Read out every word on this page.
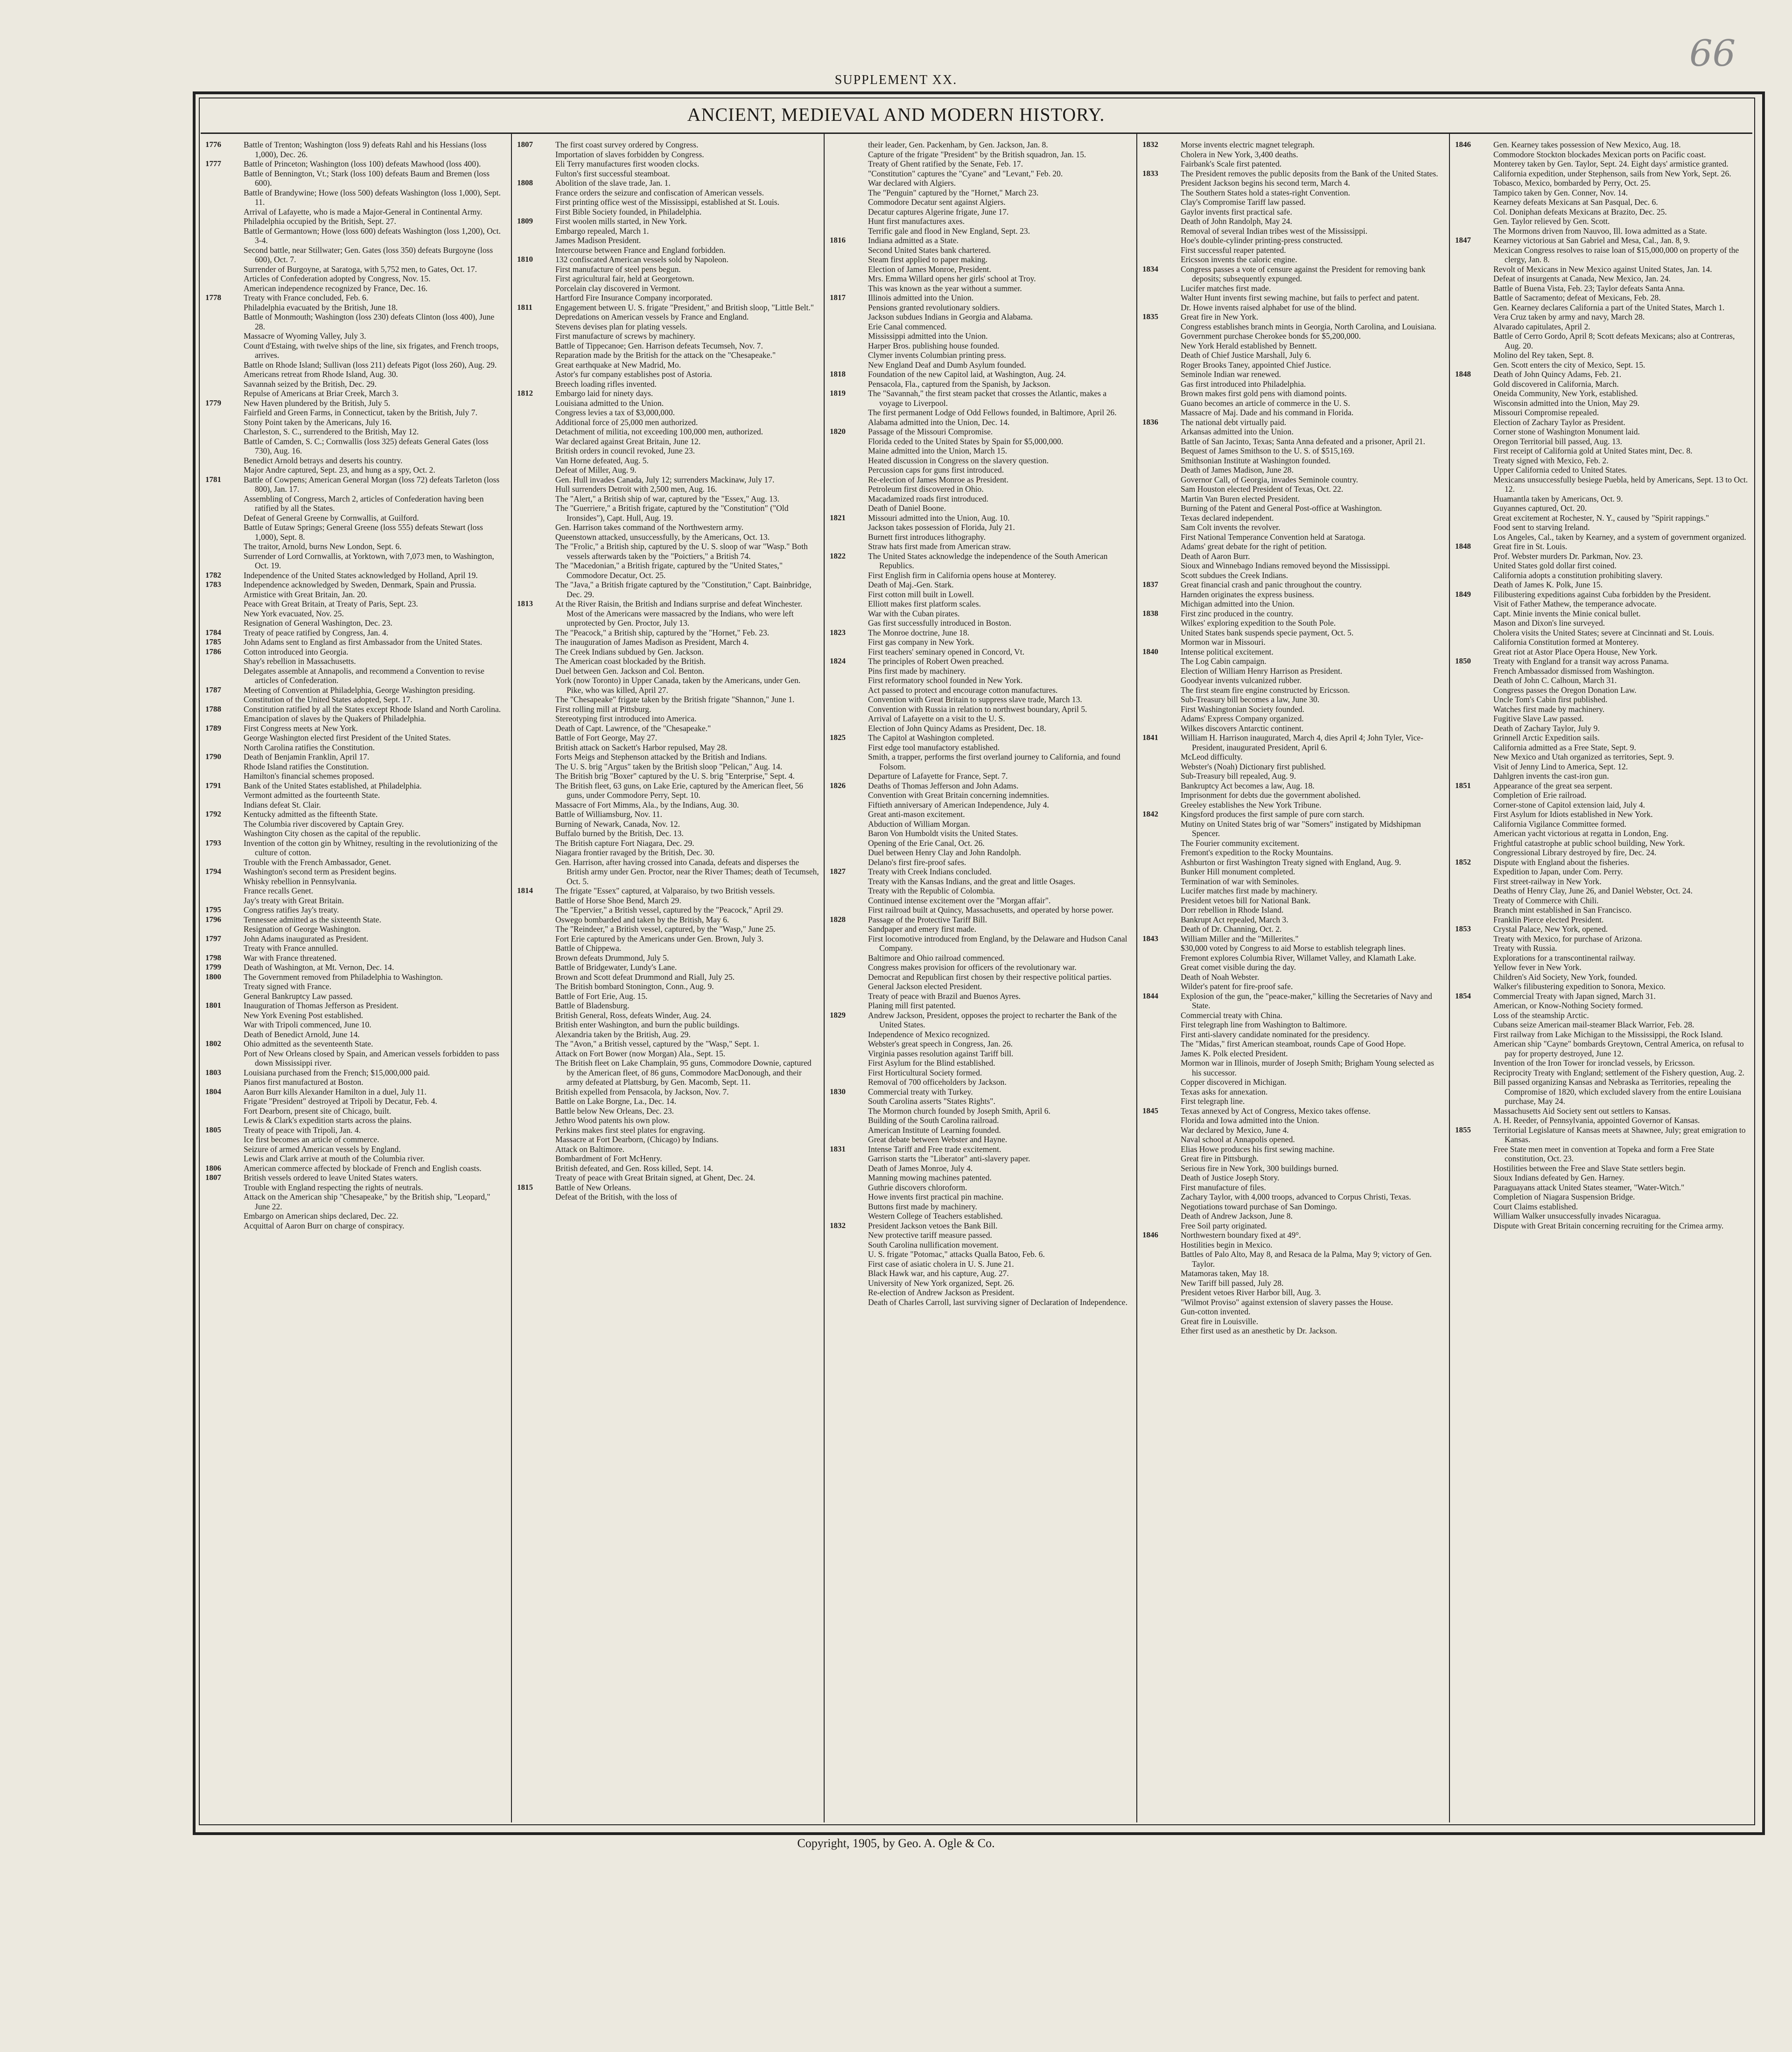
66
SUPPLEMENT XX.
ANCIENT, MEDIEVAL AND MODERN HISTORY.
1776	Battle of Trenton; Washington (loss 9) defeats Rahl and his Hessians (loss 1,000), Dec. 26.

1777	Battle of Princeton; Washington (loss 100) defeats Mawhood (loss 400).

Battle of Bennington, Vt.; Stark (loss 100) defeats Baum and Bremen (loss 600).

Battle of Brandywine; Howe (loss 500) defeats Washington (loss 1,000), Sept. 11.

Arrival of Lafayette, who is made a Major-General in Continental Army.

Philadelphia occupied by the British, Sept. 27.

Battle of Germantown; Howe (loss 600) defeats Washington (loss 1,200), Oct. 3-4.

Second battle, near Stillwater; Gen. Gates (loss 350) defeats Burgoyne (loss 600), Oct. 7.

Surrender of Burgoyne, at Saratoga, with 5,752 men, to Gates, Oct. 17.

Articles of Confederation adopted by Congress, Nov. 15.

American independence recognized by France, Dec. 16.

1778	Treaty with France concluded, Feb. 6.

Philadelphia evacuated by the British, June 18.

Battle of Monmouth; Washington (loss 230) defeats Clinton (loss 400), June 28.

Massacre of Wyoming Valley, July 3.

Count d'Estaing, with twelve ships of the line, six frigates, and French troops, arrives.

Battle on Rhode Island; Sullivan (loss 211) defeats Pigot (loss 260), Aug. 29.

Americans retreat from Rhode Island, Aug. 30.

Savannah seized by the British, Dec. 29.

Repulse of Americans at Briar Creek, March 3.

1779	New Haven plundered by the British, July 5.

Fairfield and Green Farms, in Connecticut, taken by the British, July 7.

Stony Point taken by the Americans, July 16.

Charleston, S. C., surrendered to the British, May 12.

Battle of Camden, S. C.; Cornwallis (loss 325) defeats General Gates (loss 730), Aug. 16.

Benedict Arnold betrays and deserts his country.

Major Andre captured, Sept. 23, and hung as a spy, Oct. 2.

1781	Battle of Cowpens; American General Morgan (loss 72) defeats Tarleton (loss 800), Jan. 17.

Assembling of Congress, March 2, articles of Confederation having been ratified by all the States.

Defeat of General Greene by Cornwallis, at Guilford.

Battle of Eutaw Springs; General Greene (loss 555) defeats Stewart (loss 1,000), Sept. 8.

The traitor, Arnold, burns New London, Sept. 6.

Surrender of Lord Cornwallis, at Yorktown, with 7,073 men, to Washington, Oct. 19.

1782	Independence of the United States acknowledged by Holland, April 19.

1783	Independence acknowledged by Sweden, Denmark, Spain and Prussia.

Armistice with Great Britain, Jan. 20.

Peace with Great Britain, at Treaty of Paris, Sept. 23.

New York evacuated, Nov. 25.

Resignation of General Washington, Dec. 23.

1784	Treaty of peace ratified by Congress, Jan. 4.

1785	John Adams sent to England as first Ambassador from the United States.

1786	Cotton introduced into Georgia.

Shay's rebellion in Massachusetts.

Delegates assemble at Annapolis, and recommend a Convention to revise articles of Confederation.

1787	Meeting of Convention at Philadelphia, George Washington presiding.

Constitution of the United States adopted, Sept. 17.

1788	Constitution ratified by all the States except Rhode Island and North Carolina.

Emancipation of slaves by the Quakers of Philadelphia.

1789	First Congress meets at New York.

George Washington elected first President of the United States.

North Carolina ratifies the Constitution.

1790	Death of Benjamin Franklin, April 17.

Rhode Island ratifies the Constitution.

Hamilton's financial schemes proposed.

1791	Bank of the United States established, at Philadelphia.

Vermont admitted as the fourteenth State.

Indians defeat St. Clair.

1792	Kentucky admitted as the fifteenth State.

The Columbia river discovered by Captain Grey.

Washington City chosen as the capital of the republic.

1793	Invention of the cotton gin by Whitney, resulting in the revolutionizing of the culture of cotton.

Trouble with the French Ambassador, Genet.

1794	Washington's second term as President begins.

Whisky rebellion in Pennsylvania.

France recalls Genet.

Jay's treaty with Great Britain.

1795	Congress ratifies Jay's treaty.

1796	Tennessee admitted as the sixteenth State.

Resignation of George Washington.

1797	John Adams inaugurated as President.

Treaty with France annulled.

1798	War with France threatened.

1799	Death of Washington, at Mt. Vernon, Dec. 14.

1800	The Government removed from Philadelphia to Washington.

Treaty signed with France.

General Bankruptcy Law passed.

1801	Inauguration of Thomas Jefferson as President.

New York Evening Post established.

War with Tripoli commenced, June 10.

Death of Benedict Arnold, June 14.

1802	Ohio admitted as the seventeenth State.

Port of New Orleans closed by Spain, and American vessels forbidden to pass down Mississippi river.

1803	Louisiana purchased from the French; $15,000,000 paid.

Pianos first manufactured at Boston.

1804	Aaron Burr kills Alexander Hamilton in a duel, July 11.

Frigate "President" destroyed at Tripoli by Decatur, Feb. 4.

Fort Dearborn, present site of Chicago, built.

Lewis & Clark's expedition starts across the plains.

1805	Treaty of peace with Tripoli, Jan. 4.

Ice first becomes an article of commerce.

Seizure of armed American vessels by England.

Lewis and Clark arrive at mouth of the Columbia river.

1806	American commerce affected by blockade of French and English coasts.

1807	British vessels ordered to leave United States waters.

Trouble with England respecting the rights of neutrals.

Attack on the American ship "Chesapeake," by the British ship, "Leopard," June 22.

Embargo on American ships declared, Dec. 22.

Acquittal of Aaron Burr on charge of conspiracy.

1807	The first coast survey ordered by Congress.

Importation of slaves forbidden by Congress.

Eli Terry manufactures first wooden clocks.

Fulton's first successful steamboat.

1808	Abolition of the slave trade, Jan. 1.

France orders the seizure and confiscation of American vessels.

First printing office west of the Mississippi, established at St. Louis.

First Bible Society founded, in Philadelphia.

1809	First woolen mills started, in New York.

Embargo repealed, March 1.

James Madison President.

Intercourse between France and England forbidden.

1810	132 confiscated American vessels sold by Napoleon.

First manufacture of steel pens begun.

First agricultural fair, held at Georgetown.

Porcelain clay discovered in Vermont.

Hartford Fire Insurance Company incorporated.

1811	Engagement between U. S. frigate "President," and British sloop, "Little Belt."

Depredations on American vessels by France and England.

Stevens devises plan for plating vessels.

First manufacture of screws by machinery.

Battle of Tippecanoe; Gen. Harrison defeats Tecumseh, Nov. 7.

Reparation made by the British for the attack on the "Chesapeake."

Great earthquake at New Madrid, Mo.

Astor's fur company establishes post of Astoria.

Breech loading rifles invented.

1812	Embargo laid for ninety days.

Louisiana admitted to the Union.

Congress levies a tax of $3,000,000.

Additional force of 25,000 men authorized.

Detachment of militia, not exceeding 100,000 men, authorized.

War declared against Great Britain, June 12.

British orders in council revoked, June 23.

Van Horne defeated, Aug. 5.

Defeat of Miller, Aug. 9.

Gen. Hull invades Canada, July 12; surrenders Mackinaw, July 17.

Hull surrenders Detroit with 2,500 men, Aug. 16.

The "Alert," a British ship of war, captured by the "Essex," Aug. 13.

The "Guerriere," a British frigate, captured by the "Constitution" ("Old Ironsides"), Capt. Hull, Aug. 19.

Gen. Harrison takes command of the Northwestern army.

Queenstown attacked, unsuccessfully, by the Americans, Oct. 13.

The "Frolic," a British ship, captured by the U. S. sloop of war "Wasp." Both vessels afterwards taken by the "Poictiers," a British 74.

The "Macedonian," a British frigate, captured by the "United States," Commodore Decatur, Oct. 25.

The "Java," a British frigate captured by the "Constitution," Capt. Bainbridge, Dec. 29.

1813	At the River Raisin, the British and Indians surprise and defeat Winchester. Most of the Americans were massacred by the Indians, who were left unprotected by Gen. Proctor, July 13.

The "Peacock," a British ship, captured by the "Hornet," Feb. 23.

The inauguration of James Madison as President, March 4.

The Creek Indians subdued by Gen. Jackson.

The American coast blockaded by the British.

Duel between Gen. Jackson and Col. Benton.

York (now Toronto) in Upper Canada, taken by the Americans, under Gen. Pike, who was killed, April 27.

The "Chesapeake" frigate taken by the British frigate "Shannon," June 1.

First rolling mill at Pittsburg.

Stereotyping first introduced into America.

Death of Capt. Lawrence, of the "Chesapeake."

Battle of Fort George, May 27.

British attack on Sackett's Harbor repulsed, May 28.

Forts Meigs and Stephenson attacked by the British and Indians.

The U. S. brig "Argus" taken by the British sloop "Pelican," Aug. 14.

The British brig "Boxer" captured by the U. S. brig "Enterprise," Sept. 4.

The British fleet, 63 guns, on Lake Erie, captured by the American fleet, 56 guns, under Commodore Perry, Sept. 10.

Massacre of Fort Mimms, Ala., by the Indians, Aug. 30.

Battle of Williamsburg, Nov. 11.

Burning of Newark, Canada, Nov. 12.

Buffalo burned by the British, Dec. 13.

The British capture Fort Niagara, Dec. 29.

Niagara frontier ravaged by the British, Dec. 30.

Gen. Harrison, after having crossed into Canada, defeats and disperses the British army under Gen. Proctor, near the River Thames; death of Tecumseh, Oct. 5.

1814	The frigate "Essex" captured, at Valparaiso, by two British vessels.

Battle of Horse Shoe Bend, March 29.

The "Epervier," a British vessel, captured by the "Peacock," April 29.

Oswego bombarded and taken by the British, May 6.

The "Reindeer," a British vessel, captured, by the "Wasp," June 25.

Fort Erie captured by the Americans under Gen. Brown, July 3.

Battle of Chippewa.

Brown defeats Drummond, July 5.

Battle of Bridgewater, Lundy's Lane.

Brown and Scott defeat Drummond and Riall, July 25.

The British bombard Stonington, Conn., Aug. 9.

Battle of Fort Erie, Aug. 15.

Battle of Bladensburg.

British General, Ross, defeats Winder, Aug. 24.

British enter Washington, and burn the public buildings.

Alexandria taken by the British, Aug. 29.

The "Avon," a British vessel, captured by the "Wasp," Sept. 1.

Attack on Fort Bower (now Morgan) Ala., Sept. 15.

The British fleet on Lake Champlain, 95 guns, Commodore Downie, captured by the American fleet, of 86 guns, Commodore MacDonough, and their army defeated at Plattsburg, by Gen. Macomb, Sept. 11.

British expelled from Pensacola, by Jackson, Nov. 7.

Battle on Lake Borgne, La., Dec. 14.

Battle below New Orleans, Dec. 23.

Jethro Wood patents his own plow.

Perkins makes first steel plates for engraving.

Massacre at Fort Dearborn, (Chicago) by Indians.

Attack on Baltimore.

Bombardment of Fort McHenry.

British defeated, and Gen. Ross killed, Sept. 14.

Treaty of peace with Great Britain signed, at Ghent, Dec. 24.

1815	Battle of New Orleans.

Defeat of the British, with the loss of

their leader, Gen. Packenham, by Gen. Jackson, Jan. 8.

Capture of the frigate "President" by the British squadron, Jan. 15.

Treaty of Ghent ratified by the Senate, Feb. 17.

"Constitution" captures the "Cyane" and "Levant," Feb. 20.

War declared with Algiers.

The "Penguin" captured by the "Hornet," March 23.

Commodore Decatur sent against Algiers.

Decatur captures Algerine frigate, June 17.

Hunt first manufactures axes.

Terrific gale and flood in New England, Sept. 23.

1816	Indiana admitted as a State.

Second United States bank chartered.

Steam first applied to paper making.

Election of James Monroe, President.

Mrs. Emma Willard opens her girls' school at Troy.

This was known as the year without a summer.

1817	Illinois admitted into the Union.

Pensions granted revolutionary soldiers.

Jackson subdues Indians in Georgia and Alabama.

Erie Canal commenced.

Mississippi admitted into the Union.

Harper Bros. publishing house founded.

Clymer invents Columbian printing press.

New England Deaf and Dumb Asylum founded.

1818	Foundation of the new Capitol laid, at Washington, Aug. 24.

Pensacola, Fla., captured from the Spanish, by Jackson.

1819	The "Savannah," the first steam packet that crosses the Atlantic, makes a voyage to Liverpool.

The first permanent Lodge of Odd Fellows founded, in Baltimore, April 26.

Alabama admitted into the Union, Dec. 14.

1820	Passage of the Missouri Compromise.

Florida ceded to the United States by Spain for $5,000,000.

Maine admitted into the Union, March 15.

Heated discussion in Congress on the slavery question.

Percussion caps for guns first introduced.

Re-election of James Monroe as President.

Petroleum first discovered in Ohio.

Macadamized roads first introduced.

Death of Daniel Boone.

1821	Missouri admitted into the Union, Aug. 10.

Jackson takes possession of Florida, July 21.

Burnett first introduces lithography.

Straw hats first made from American straw.

1822	The United States acknowledge the independence of the South American Republics.

First English firm in California opens house at Monterey.

Death of Maj.-Gen. Stark.

First cotton mill built in Lowell.

Elliott makes first platform scales.

War with the Cuban pirates.

Gas first successfully introduced in Boston.

1823	The Monroe doctrine, June 18.

First gas company in New York.

First teachers' seminary opened in Concord, Vt.

1824	The principles of Robert Owen preached.

Pins first made by machinery.

First reformatory school founded in New York.

Act passed to protect and encourage cotton manufactures.

Convention with Great Britain to suppress slave trade, March 13.

Convention with Russia in relation to northwest boundary, April 5.

Arrival of Lafayette on a visit to the U. S.

Election of John Quincy Adams as President, Dec. 18.

1825	The Capitol at Washington completed.

First edge tool manufactory established.

Smith, a trapper, performs the first overland journey to California, and found Folsom.

Departure of Lafayette for France, Sept. 7.

1826	Deaths of Thomas Jefferson and John Adams.

Convention with Great Britain concerning indemnities.

Fiftieth anniversary of American Independence, July 4.

Great anti-mason excitement.

Abduction of William Morgan.

Baron Von Humboldt visits the United States.

Opening of the Erie Canal, Oct. 26.

Duel between Henry Clay and John Randolph.

Delano's first fire-proof safes.

1827	Treaty with Creek Indians concluded.

Treaty with the Kansas Indians, and the great and little Osages.

Treaty with the Republic of Colombia.

Continued intense excitement over the "Morgan affair".

First railroad built at Quincy, Massachusetts, and operated by horse power.

1828	Passage of the Protective Tariff Bill.

Sandpaper and emery first made.

First locomotive introduced from England, by the Delaware and Hudson Canal Company.

Baltimore and Ohio railroad commenced.

Congress makes provision for officers of the revolutionary war.

Democrat and Republican first chosen by their respective political parties.

General Jackson elected President.

Treaty of peace with Brazil and Buenos Ayres.

Planing mill first patented.

1829	Andrew Jackson, President, opposes the project to recharter the Bank of the United States.

Independence of Mexico recognized.

Webster's great speech in Congress, Jan. 26.

Virginia passes resolution against Tariff bill.

First Asylum for the Blind established.

First Horticultural Society formed.

Removal of 700 officeholders by Jackson.

1830	Commercial treaty with Turkey.

South Carolina asserts "States Rights".

The Mormon church founded by Joseph Smith, April 6.

Building of the South Carolina railroad.

American Institute of Learning founded.

Great debate between Webster and Hayne.

1831	Intense Tariff and Free trade excitement.

Garrison starts the "Liberator" anti-slavery paper.

Death of James Monroe, July 4.

Manning mowing machines patented.

Guthrie discovers chloroform.

Howe invents first practical pin machine.

Buttons first made by machinery.

Western College of Teachers established.

1832	President Jackson vetoes the Bank Bill.

New protective tariff measure passed.

South Carolina nullification movement.

U. S. frigate "Potomac," attacks Qualla Batoo, Feb. 6.

First case of asiatic cholera in U. S. June 21.

Black Hawk war, and his capture, Aug. 27.

University of New York organized, Sept. 26.

Re-election of Andrew Jackson as President.

Death of Charles Carroll, last surviving signer of Declaration of Independence.

1832	Morse invents electric magnet telegraph.

Cholera in New York, 3,400 deaths.

Fairbank's Scale first patented.

1833	The President removes the public deposits from the Bank of the United States.

President Jackson begins his second term, March 4.

The Southern States hold a states-right Convention.

Clay's Compromise Tariff law passed.

Gaylor invents first practical safe.

Death of John Randolph, May 24.

Removal of several Indian tribes west of the Mississippi.

Hoe's double-cylinder printing-press constructed.

First successful reaper patented.

Ericsson invents the caloric engine.

1834	Congress passes a vote of censure against the President for removing bank deposits; subsequently expunged.

Lucifer matches first made.

Walter Hunt invents first sewing machine, but fails to perfect and patent.

Dr. Howe invents raised alphabet for use of the blind.

1835	Great fire in New York.

Congress establishes branch mints in Georgia, North Carolina, and Louisiana.

Government purchase Cherokee bonds for $5,200,000.

New York Herald established by Bennett.

Death of Chief Justice Marshall, July 6.

Roger Brooks Taney, appointed Chief Justice.

Seminole Indian war renewed.

Gas first introduced into Philadelphia.

Brown makes first gold pens with diamond points.

Guano becomes an article of commerce in the U. S.

Massacre of Maj. Dade and his command in Florida.

1836	The national debt virtually paid.

Arkansas admitted into the Union.

Battle of San Jacinto, Texas; Santa Anna defeated and a prisoner, April 21.

Bequest of James Smithson to the U. S. of $515,169.

Smithsonian Institute at Washington founded.

Death of James Madison, June 28.

Governor Call, of Georgia, invades Seminole country.

Sam Houston elected President of Texas, Oct. 22.

Martin Van Buren elected President.

Burning of the Patent and General Post-office at Washington.

Texas declared independent.

Sam Colt invents the revolver.

First National Temperance Convention held at Saratoga.

Adams' great debate for the right of petition.

Death of Aaron Burr.

Sioux and Winnebago Indians removed beyond the Mississippi.

Scott subdues the Creek Indians.

1837	Great financial crash and panic throughout the country.

Harnden originates the express business.

Michigan admitted into the Union.

1838	First zinc produced in the country.

Wilkes' exploring expedition to the South Pole.

United States bank suspends specie payment, Oct. 5.

Mormon war in Missouri.

1840	Intense political excitement.

The Log Cabin campaign.

Election of William Henry Harrison as President.

Goodyear invents vulcanized rubber.

The first steam fire engine constructed by Ericsson.

Sub-Treasury bill becomes a law, June 30.

First Washingtonian Society founded.

Adams' Express Company organized.

Wilkes discovers Antarctic continent.

1841	William H. Harrison inaugurated, March 4, dies April 4; John Tyler, Vice-President, inaugurated President, April 6.

McLeod difficulty.

Webster's (Noah) Dictionary first published.

Sub-Treasury bill repealed, Aug. 9.

Bankruptcy Act becomes a law, Aug. 18.

Imprisonment for debts due the government abolished.

Greeley establishes the New York Tribune.

1842	Kingsford produces the first sample of pure corn starch.

Mutiny on United States brig of war "Somers" instigated by Midshipman Spencer.

The Fourier community excitement.

Fremont's expedition to the Rocky Mountains.

Ashburton or first Washington Treaty signed with England, Aug. 9.

Bunker Hill monument completed.

Termination of war with Seminoles.

Lucifer matches first made by machinery.

President vetoes bill for National Bank.

Dorr rebellion in Rhode Island.

Bankrupt Act repealed, March 3.

Death of Dr. Channing, Oct. 2.

1843	William Miller and the "Millerites."

$30,000 voted by Congress to aid Morse to establish telegraph lines.

Fremont explores Columbia River, Willamet Valley, and Klamath Lake.

Great comet visible during the day.

Death of Noah Webster.

Wilder's patent for fire-proof safe.

1844	Explosion of the gun, the "peace-maker," killing the Secretaries of Navy and State.

Commercial treaty with China.

First telegraph line from Washington to Baltimore.

First anti-slavery candidate nominated for the presidency.

The "Midas," first American steamboat, rounds Cape of Good Hope.

James K. Polk elected President.

Mormon war in Illinois, murder of Joseph Smith; Brigham Young selected as his successor.

Copper discovered in Michigan.

Texas asks for annexation.

First telegraph line.

1845	Texas annexed by Act of Congress, Mexico takes offense.

Florida and Iowa admitted into the Union.

War declared by Mexico, June 4.

Naval school at Annapolis opened.

Elias Howe produces his first sewing machine.

Great fire in Pittsburgh.

Serious fire in New York, 300 buildings burned.

Death of Justice Joseph Story.

First manufacture of files.

Zachary Taylor, with 4,000 troops, advanced to Corpus Christi, Texas.

Negotiations toward purchase of San Domingo.

Death of Andrew Jackson, June 8.

Free Soil party originated.

1846	Northwestern boundary fixed at 49°.

Hostilities begin in Mexico.

Battles of Palo Alto, May 8, and Resaca de la Palma, May 9; victory of Gen. Taylor.

Matamoras taken, May 18.

New Tariff bill passed, July 28.

President vetoes River Harbor bill, Aug. 3.

"Wilmot Proviso" against extension of slavery passes the House.

Gun-cotton invented.

Great fire in Louisville.

Ether first used as an anesthetic by Dr. Jackson.

1846	Gen. Kearney takes possession of New Mexico, Aug. 18.

Commodore Stockton blockades Mexican ports on Pacific coast.

Monterey taken by Gen. Taylor, Sept. 24. Eight days' armistice granted.

California expedition, under Stephenson, sails from New York, Sept. 26.

Tobasco, Mexico, bombarded by Perry, Oct. 25.

Tampico taken by Gen. Conner, Nov. 14.

Kearney defeats Mexicans at San Pasqual, Dec. 6.

Col. Doniphan defeats Mexicans at Brazito, Dec. 25.

Gen. Taylor relieved by Gen. Scott.

The Mormons driven from Nauvoo, Ill. Iowa admitted as a State.

1847	Kearney victorious at San Gabriel and Mesa, Cal., Jan. 8, 9.

Mexican Congress resolves to raise loan of $15,000,000 on property of the clergy, Jan. 8.

Revolt of Mexicans in New Mexico against United States, Jan. 14.

Defeat of insurgents at Canada, New Mexico, Jan. 24.

Battle of Buena Vista, Feb. 23; Taylor defeats Santa Anna.

Battle of Sacramento; defeat of Mexicans, Feb. 28.

Gen. Kearney declares California a part of the United States, March 1.

Vera Cruz taken by army and navy, March 28.

Alvarado capitulates, April 2.

Battle of Cerro Gordo, April 8; Scott defeats Mexicans; also at Contreras, Aug. 20.

Molino del Rey taken, Sept. 8.

Gen. Scott enters the city of Mexico, Sept. 15.

1848	Death of John Quincy Adams, Feb. 21.

Gold discovered in California, March.

Oneida Community, New York, established.

Wisconsin admitted into the Union, May 29.

Missouri Compromise repealed.

Election of Zachary Taylor as President.

Corner stone of Washington Monument laid.

Oregon Territorial bill passed, Aug. 13.

First receipt of California gold at United States mint, Dec. 8.

Treaty signed with Mexico, Feb. 2.

Upper California ceded to United States.

Mexicans unsuccessfully besiege Puebla, held by Americans, Sept. 13 to Oct. 12.

Huamantla taken by Americans, Oct. 9.

Guyannes captured, Oct. 20.

Great excitement at Rochester, N. Y., caused by "Spirit rappings."

Food sent to starving Ireland.

Los Angeles, Cal., taken by Kearney, and a system of government organized.

1848	Great fire in St. Louis.

Prof. Webster murders Dr. Parkman, Nov. 23.

United States gold dollar first coined.

California adopts a constitution prohibiting slavery.

Death of James K. Polk, June 15.

1849	Filibustering expeditions against Cuba forbidden by the President.

Visit of Father Mathew, the temperance advocate.

Capt. Minie invents the Minie conical bullet.

Mason and Dixon's line surveyed.

Cholera visits the United States; severe at Cincinnati and St. Louis.

California Constitution formed at Monterey.

Great riot at Astor Place Opera House, New York.

1850	Treaty with England for a transit way across Panama.

French Ambassador dismissed from Washington.

Death of John C. Calhoun, March 31.

Congress passes the Oregon Donation Law.

Uncle Tom's Cabin first published.

Watches first made by machinery.

Fugitive Slave Law passed.

Death of Zachary Taylor, July 9.

Grinnell Arctic Expedition sails.

California admitted as a Free State, Sept. 9.

New Mexico and Utah organized as territories, Sept. 9.

Visit of Jenny Lind to America, Sept. 12.

Dahlgren invents the cast-iron gun.

1851	Appearance of the great sea serpent.

Completion of Erie railroad.

Corner-stone of Capitol extension laid, July 4.

First Asylum for Idiots established in New York.

California Vigilance Committee formed.

American yacht victorious at regatta in London, Eng.

Frightful catastrophe at public school building, New York.

Congressional Library destroyed by fire, Dec. 24.

1852	Dispute with England about the fisheries.

Expedition to Japan, under Com. Perry.

First street-railway in New York.

Deaths of Henry Clay, June 26, and Daniel Webster, Oct. 24.

Treaty of Commerce with Chili.

Branch mint established in San Francisco.

Franklin Pierce elected President.

1853	Crystal Palace, New York, opened.

Treaty with Mexico, for purchase of Arizona.

Treaty with Russia.

Explorations for a transcontinental railway.

Yellow fever in New York.

Children's Aid Society, New York, founded.

Walker's filibustering expedition to Sonora, Mexico.

1854	Commercial Treaty with Japan signed, March 31.

American, or Know-Nothing Society formed.

Loss of the steamship Arctic.

Cubans seize American mail-steamer Black Warrior, Feb. 28.

First railway from Lake Michigan to the Mississippi, the Rock Island.

American ship "Cayne" bombards Greytown, Central America, on refusal to pay for property destroyed, June 12.

Invention of the Iron Tower for ironclad vessels, by Ericsson.

Reciprocity Treaty with England; settlement of the Fishery question, Aug. 2.

Bill passed organizing Kansas and Nebraska as Territories, repealing the Compromise of 1820, which excluded slavery from the entire Louisiana purchase, May 24.

Massachusetts Aid Society sent out settlers to Kansas.

A. H. Reeder, of Pennsylvania, appointed Governor of Kansas.

1855	Territorial Legislature of Kansas meets at Shawnee, July; great emigration to Kansas.

Free State men meet in convention at Topeka and form a Free State constitution, Oct. 23.

Hostilities between the Free and Slave State settlers begin.

Sioux Indians defeated by Gen. Harney.

Paraguayans attack United States steamer, "Water-Witch."

Completion of Niagara Suspension Bridge.

Court Claims established.

William Walker unsuccessfully invades Nicaragua.

Dispute with Great Britain concerning recruiting for the Crimea army.

Copyright, 1905, by Geo. A. Ogle & Co.
